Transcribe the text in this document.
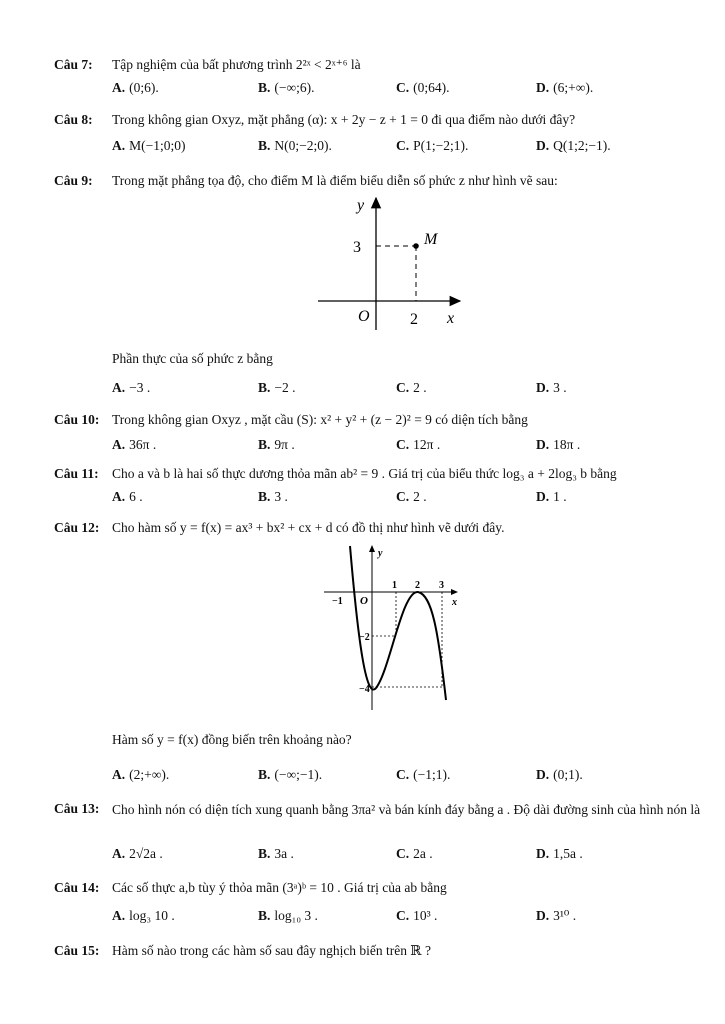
Câu 7: Tập nghiệm của bất phương trình 2²ˣ < 2ˣ⁺⁶ là
A. (0;6).	B. (−∞;6).	C. (0;64).	D. (6;+∞).
Câu 8: Trong không gian Oxyz, mặt phẳng (α): x + 2y − z + 1 = 0 đi qua điểm nào dưới đây?
A. M(−1;0;0)	B. N(0;−2;0).	C. P(1;−2;1).	D. Q(1;2;−1).
Câu 9: Trong mặt phẳng tọa độ, cho điểm M là điểm biểu diễn số phức z như hình vẽ sau:
y
x
O	2
3	M
Phần thực của số phức z bằng
A. −3 .	B. −2 .	C. 2 .	D. 3 .
Câu 10: Trong không gian Oxyz , mặt cầu (S): x² + y² + (z − 2)² = 9 có diện tích bằng
A. 36π .	B. 9π .	C. 12π .	D. 18π .
Câu 11: Cho a và b là hai số thực dương thỏa mãn ab² = 9 . Giá trị của biểu thức log₃ a + 2log₃ b bằng
A. 6 .	B. 3 .	C. 2 .	D. 1 .
Câu 12: Cho hàm số y = f(x) = ax³ + bx² + cx + d có đồ thị như hình vẽ dưới đây.
y
x
O
−1
1 2 3
−2
−4
Hàm số y = f(x) đồng biến trên khoảng nào?
A. (2;+∞).	B. (−∞;−1).	C. (−1;1).	D. (0;1).
Câu 13: Cho hình nón có diện tích xung quanh bằng 3πa² và bán kính đáy bằng a . Độ dài đường sinh của hình nón là
A. 2√2a .	B. 3a .	C. 2a .	D. 1,5a .
Câu 14: Các số thực a,b tùy ý thỏa mãn (3ᵃ)ᵇ = 10 . Giá trị của ab bằng
A. log₃ 10 .	B. log₁₀ 3 .	C. 10³ .	D. 3¹⁰ .
Câu 15: Hàm số nào trong các hàm số sau đây nghịch biến trên ℝ ?
